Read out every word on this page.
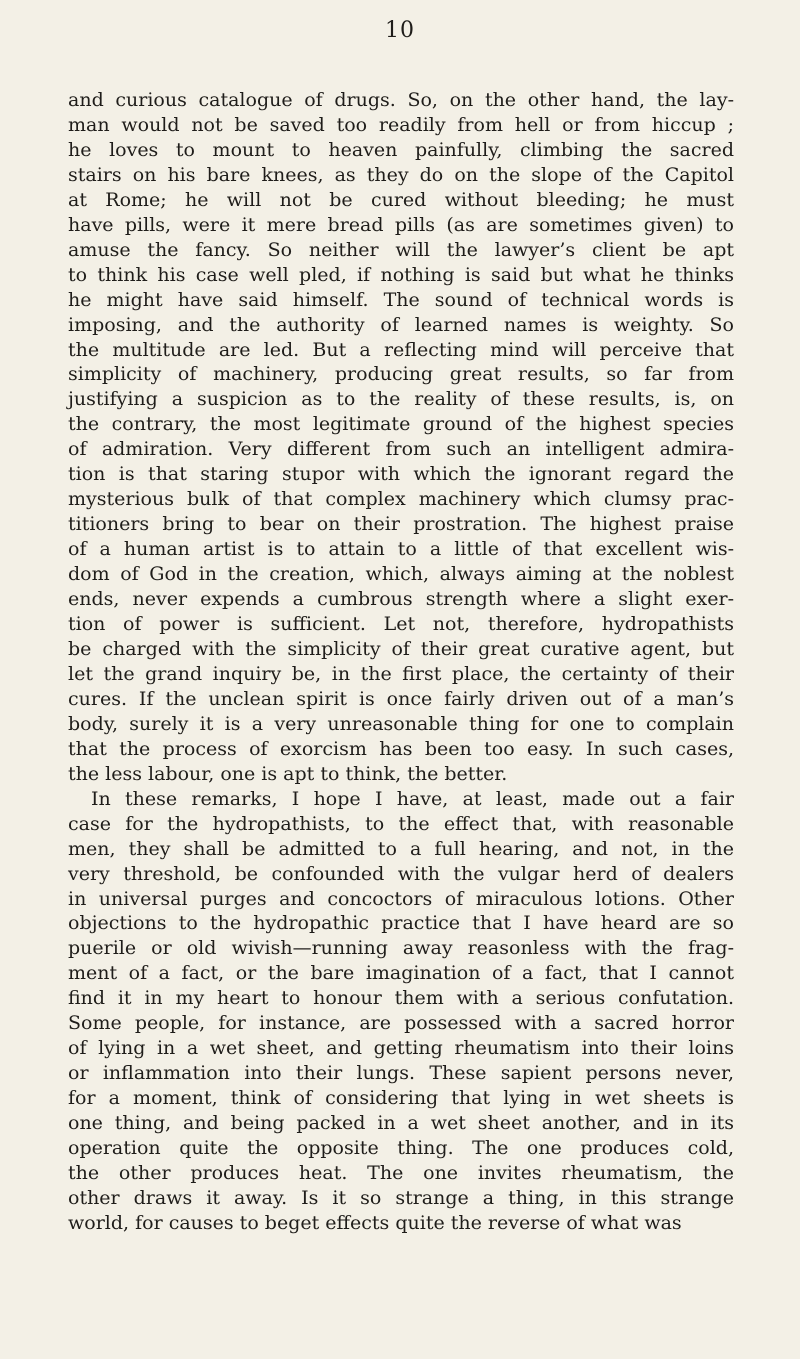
10
and curious catalogue of drugs. So, on the other hand, the lay-
man would not be saved too readily from hell or from hiccup ;
he loves to mount to heaven painfully, climbing the sacred
stairs on his bare knees, as they do on the slope of the Capitol
at Rome; he will not be cured without bleeding; he must
have pills, were it mere bread pills (as are sometimes given) to
amuse the fancy. So neither will the lawyer’s client be apt
to think his case well pled, if nothing is said but what he thinks
he might have said himself. The sound of technical words is
imposing, and the authority of learned names is weighty. So
the multitude are led. But a reflecting mind will perceive that
simplicity of machinery, producing great results, so far from
justifying a suspicion as to the reality of these results, is, on
the contrary, the most legitimate ground of the highest species
of admiration. Very different from such an intelligent admira-
tion is that staring stupor with which the ignorant regard the
mysterious bulk of that complex machinery which clumsy prac-
titioners bring to bear on their prostration. The highest praise
of a human artist is to attain to a little of that excellent wis-
dom of God in the creation, which, always aiming at the noblest
ends, never expends a cumbrous strength where a slight exer-
tion of power is sufficient. Let not, therefore, hydropathists
be charged with the simplicity of their great curative agent, but
let the grand inquiry be, in the first place, the certainty of their
cures. If the unclean spirit is once fairly driven out of a man’s
body, surely it is a very unreasonable thing for one to complain
that the process of exorcism has been too easy. In such cases,
the less labour, one is apt to think, the better.
In these remarks, I hope I have, at least, made out a fair
case for the hydropathists, to the effect that, with reasonable
men, they shall be admitted to a full hearing, and not, in the
very threshold, be confounded with the vulgar herd of dealers
in universal purges and concoctors of miraculous lotions. Other
objections to the hydropathic practice that I have heard are so
puerile or old wivish—running away reasonless with the frag-
ment of a fact, or the bare imagination of a fact, that I cannot
find it in my heart to honour them with a serious confutation.
Some people, for instance, are possessed with a sacred horror
of lying in a wet sheet, and getting rheumatism into their loins
or inflammation into their lungs. These sapient persons never,
for a moment, think of considering that lying in wet sheets is
one thing, and being packed in a wet sheet another, and in its
operation quite the opposite thing. The one produces cold,
the other produces heat. The one invites rheumatism, the
other draws it away. Is it so strange a thing, in this strange
world, for causes to beget effects quite the reverse of what was
